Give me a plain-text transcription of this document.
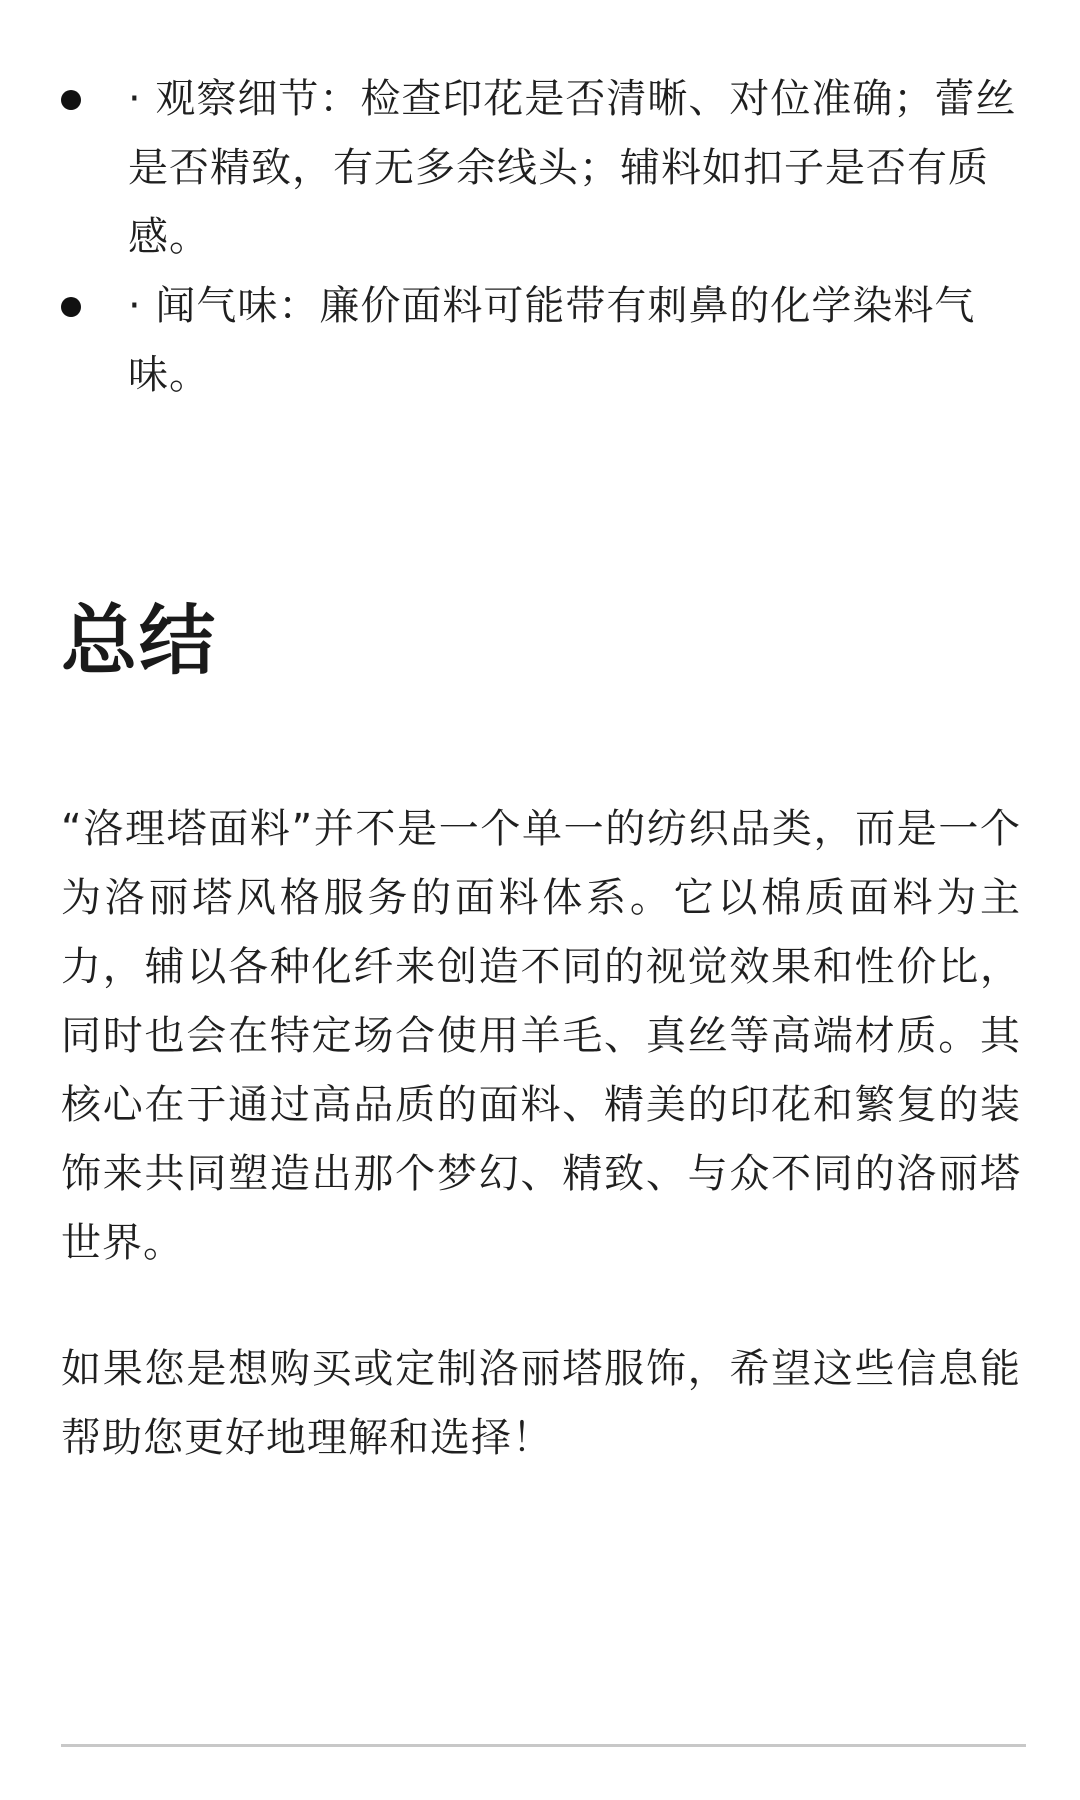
· 观察细节：检查印花是否清晰、对位准确；蕾丝是否精致，有无多余线头；辅料如扣子是否有质感。
· 闻气味：廉价面料可能带有刺鼻的化学染料气味。
总结

“洛理塔面料”并不是一个单一的纺织品类，而是一个为洛丽塔风格服务的面料体系。它以棉质面料为主力，辅以各种化纤来创造不同的视觉效果和性价比，同时也会在特定场合使用羊毛、真丝等高端材质。其核心在于通过高品质的面料、精美的印花和繁复的装饰来共同塑造出那个梦幻、精致、与众不同的洛丽塔世界。

如果您是想购买或定制洛丽塔服饰，希望这些信息能帮助您更好地理解和选择！
